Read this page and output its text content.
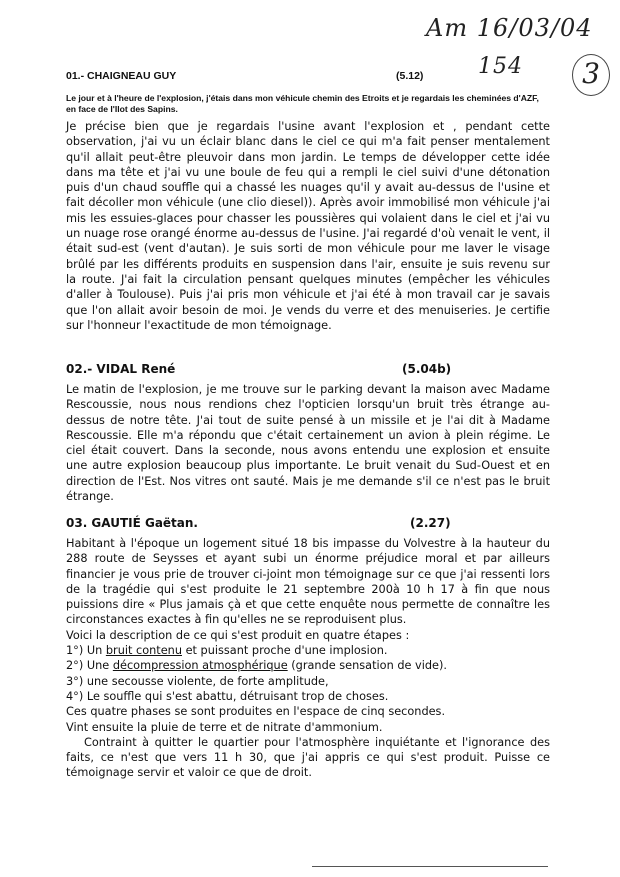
Am 16/03/04
154	3
01.- CHAIGNEAU GUY	(5.12)

Le jour et à l'heure de l'explosion, j'étais dans mon véhicule chemin des Etroits et je regardais les cheminées d'AZF, en face de l'Ilot des Sapins.

Je précise bien que je regardais l'usine avant l'explosion et , pendant cette observation, j'ai vu un éclair blanc dans le ciel ce qui m'a fait penser mentalement qu'il allait peut-être pleuvoir dans mon jardin. Le temps de développer cette idée dans ma tête et j'ai vu une boule de feu qui a rempli le ciel suivi d'une détonation puis d'un chaud souffle qui a chassé les nuages qu'il y avait au-dessus de l'usine et fait décoller mon véhicule (une clio diesel)). Après avoir immobilisé mon véhicule j'ai mis les essuies-glaces pour chasser les poussières qui volaient dans le ciel et j'ai vu un nuage rose orangé énorme au-dessus de l'usine. J'ai regardé d'où venait le vent, il était sud-est (vent d'autan). Je suis sorti de mon véhicule pour me laver le visage brûlé par les différents produits en suspension dans l'air, ensuite je suis revenu sur la route. J'ai fait la circulation pensant quelques minutes (empêcher les véhicules d'aller à Toulouse). Puis j'ai pris mon véhicule et j'ai été à mon travail car je savais que l'on allait avoir besoin de moi. Je vends du verre et des menuiseries. Je certifie sur l'honneur l'exactitude de mon témoignage.

02.- VIDAL René	(5.04b)

Le matin de l'explosion, je me trouve sur le parking devant la maison avec Madame Rescoussie, nous nous rendions chez l'opticien lorsqu'un bruit très étrange au-dessus de notre tête. J'ai tout de suite pensé à un missile et je l'ai dit à Madame Rescoussie. Elle m'a répondu que c'était certainement un avion à plein régime. Le ciel était couvert. Dans la seconde, nous avons entendu une explosion et ensuite une autre explosion beaucoup plus importante. Le bruit venait du Sud-Ouest et en direction de l'Est. Nos vitres ont sauté. Mais je me demande s'il ce n'est pas le bruit étrange.

03. GAUTIÉ Gaëtan.	(2.27)

Habitant à l'époque un logement situé 18 bis impasse du Volvestre à la hauteur du 288 route de Seysses et ayant subi un énorme préjudice moral et par ailleurs financier je vous prie de trouver ci-joint mon témoignage sur ce que j'ai ressenti lors de la tragédie qui s'est produite le 21 septembre 200à 10 h 17 à fin que nous puissions dire « Plus jamais çà et que cette enquête nous permette de connaître les circonstances exactes à fin qu'elles ne se reproduisent plus.

Voici la description de ce qui s'est produit en quatre étapes :

1°) Un bruit contenu et puissant proche d'une implosion.
2°) Une décompression atmosphérique (grande sensation de vide).
3°) une secousse violente, de forte amplitude,
4°) Le souffle qui s'est abattu, détruisant trop de choses.

Ces quatre phases se sont produites en l'espace de cinq secondes.

Vint ensuite la pluie de terre et de nitrate d'ammonium.

Contraint à quitter le quartier pour l'atmosphère inquiétante et l'ignorance des faits, ce n'est que vers 11 h 30, que j'ai appris ce qui s'est produit. Puisse ce témoignage servir et valoir ce que de droit.
